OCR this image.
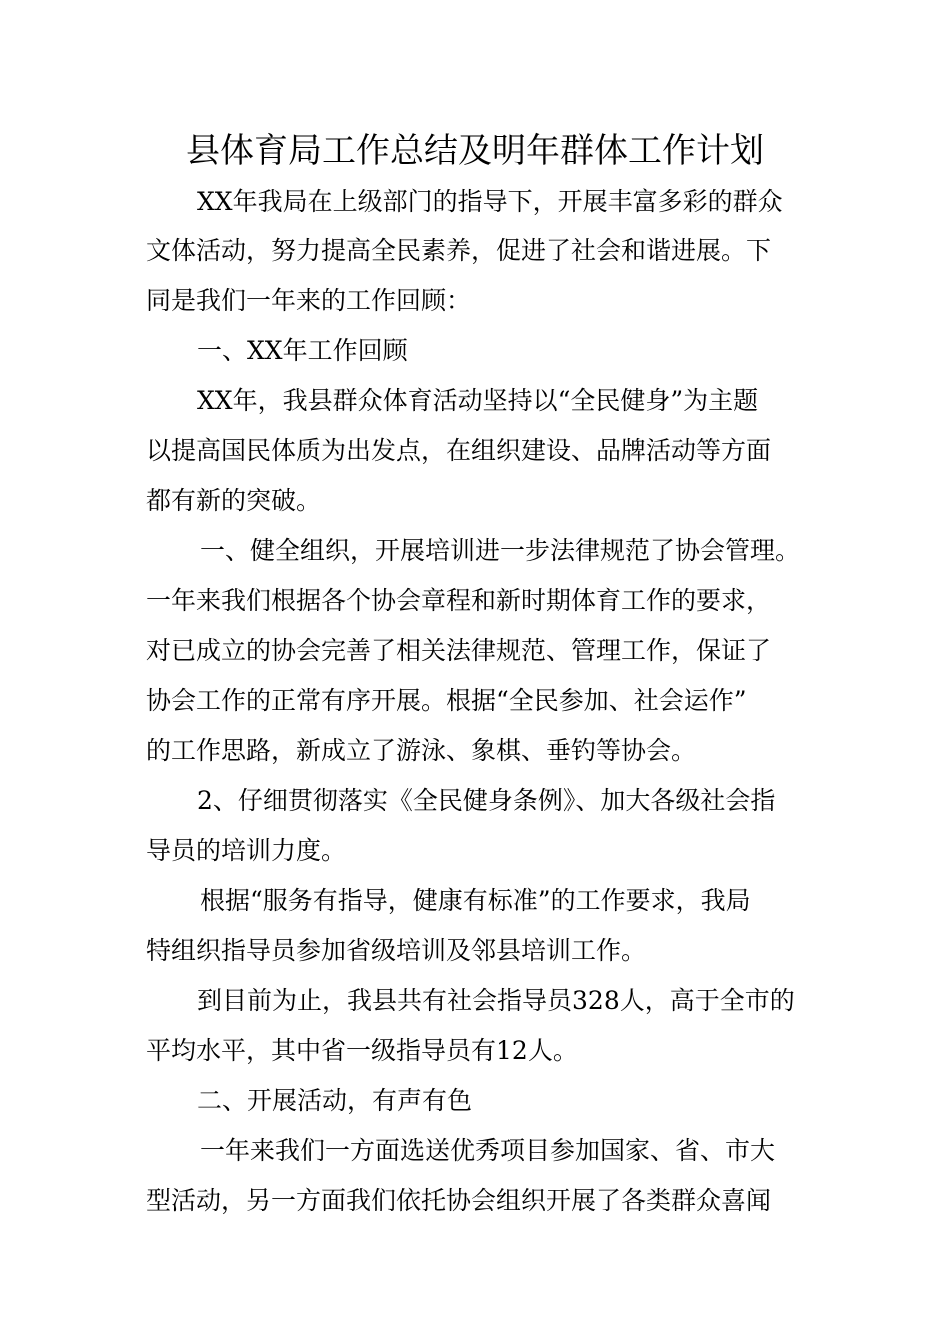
县体育局工作总结及明年群体工作计划
XX年我局在上级部门的指导下，开展丰富多彩的群众
文体活动，努力提高全民素养，促进了社会和谐进展。下
同是我们一年来的工作回顾：
一、XX年工作回顾
XX年，我县群众体育活动坚持以“全民健身”为主题
以提高国民体质为出发点，在组织建设、品牌活动等方面
都有新的突破。
一、健全组织，开展培训进一步法律规范了协会管理。
一年来我们根据各个协会章程和新时期体育工作的要求，
对已成立的协会完善了相关法律规范、管理工作，保证了
协会工作的正常有序开展。根据“全民参加、社会运作”
的工作思路，新成立了游泳、象棋、垂钓等协会。
2、仔细贯彻落实《全民健身条例》、加大各级社会指
导员的培训力度。
根据“服务有指导，健康有标准”的工作要求，我局
特组织指导员参加省级培训及邻县培训工作。
到目前为止，我县共有社会指导员328人，高于全市的
平均水平，其中省一级指导员有12人。
二、开展活动，有声有色
一年来我们一方面选送优秀项目参加国家、省、市大
型活动，另一方面我们依托协会组织开展了各类群众喜闻
